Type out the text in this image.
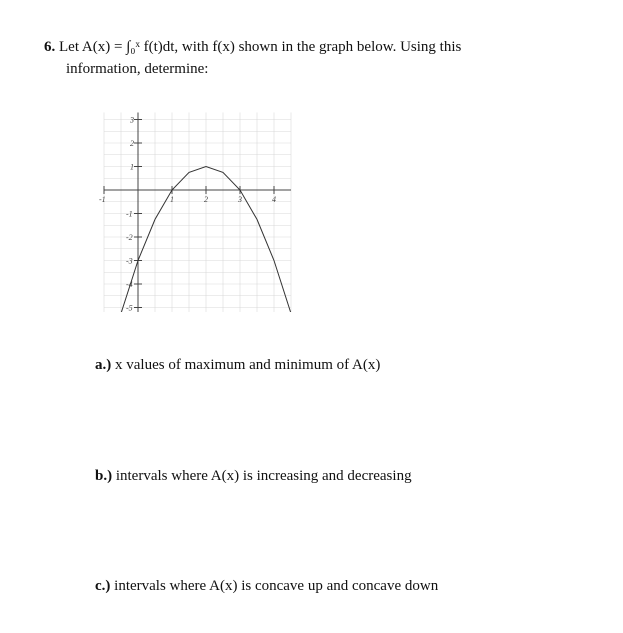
6. Let A(x) = ∫₀ˣ f(t)dt, with f(x) shown in the graph below. Using this
information, determine:
-1	1	2	3	4
3
2
1
-1
-2
-3
-4
-5
a.) x values of maximum and minimum of A(x)
b.) intervals where A(x) is increasing and decreasing
c.) intervals where A(x) is concave up and concave down
